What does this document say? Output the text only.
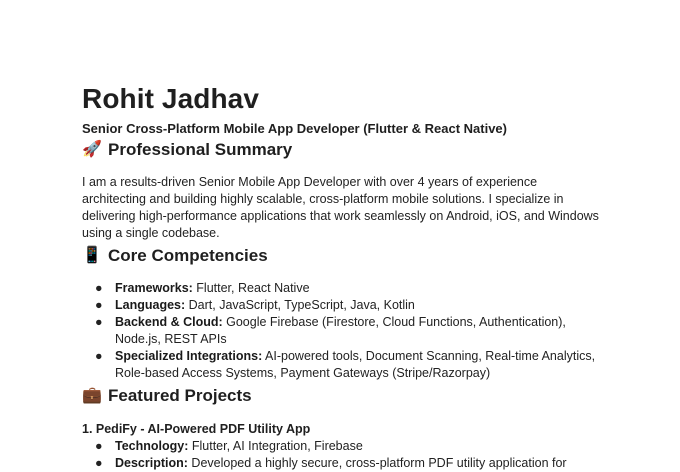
Rohit Jadhav
Senior Cross-Platform Mobile App Developer (Flutter & React Native)
🚀 Professional Summary

I am a results-driven Senior Mobile App Developer with over 4 years of experience architecting and building highly scalable, cross-platform mobile solutions. I specialize in delivering high-performance applications that work seamlessly on Android, iOS, and Windows using a single codebase.

📱 Core Competencies
● Frameworks: Flutter, React Native
● Languages: Dart, JavaScript, TypeScript, Java, Kotlin
● Backend & Cloud: Google Firebase (Firestore, Cloud Functions, Authentication), Node.js, REST APIs
● Specialized Integrations: AI-powered tools, Document Scanning, Real-time Analytics, Role-based Access Systems, Payment Gateways (Stripe/Razorpay)
💼 Featured Projects
1. PediFy - AI-Powered PDF Utility App
● Technology: Flutter, AI Integration, Firebase
● Description: Developed a highly secure, cross-platform PDF utility application for
